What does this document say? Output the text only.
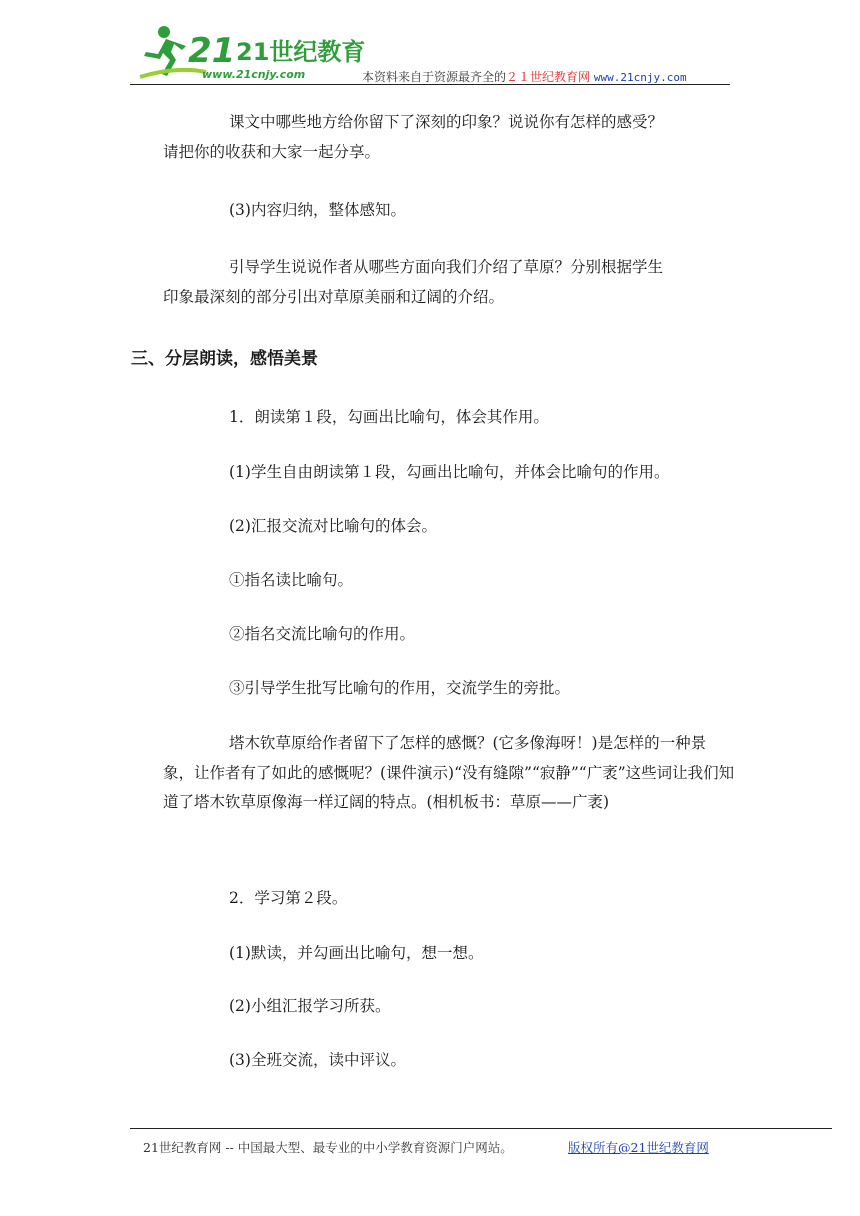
21 21世纪教育
www.21cnjy.com	本资料来自于资源最齐全的２１世纪教育网 www.21cnjy.com
课文中哪些地方给你留下了深刻的印象？说说你有怎样的感受？
请把你的收获和大家一起分享。
(3)内容归纳，整体感知。
引导学生说说作者从哪些方面向我们介绍了草原？分别根据学生
印象最深刻的部分引出对草原美丽和辽阔的介绍。
三、分层朗读，感悟美景
1．朗读第１段，勾画出比喻句，体会其作用。
(1)学生自由朗读第１段，勾画出比喻句，并体会比喻句的作用。
(2)汇报交流对比喻句的体会。
①指名读比喻句。
②指名交流比喻句的作用。
③引导学生批写比喻句的作用，交流学生的旁批。
塔木钦草原给作者留下了怎样的感慨？(它多像海呀！)是怎样的一种景象，让作者有了如此的感慨呢？(课件演示)“没有缝隙”“寂静”“广袤”这些词让我们知道了塔木钦草原像海一样辽阔的特点。(相机板书：草原——广袤)
2．学习第２段。
(1)默读，并勾画出比喻句，想一想。
(2)小组汇报学习所获。
(3)全班交流，读中评议。
21世纪教育网 -- 中国最大型、最专业的中小学教育资源门户网站。	版权所有@21世纪教育网
